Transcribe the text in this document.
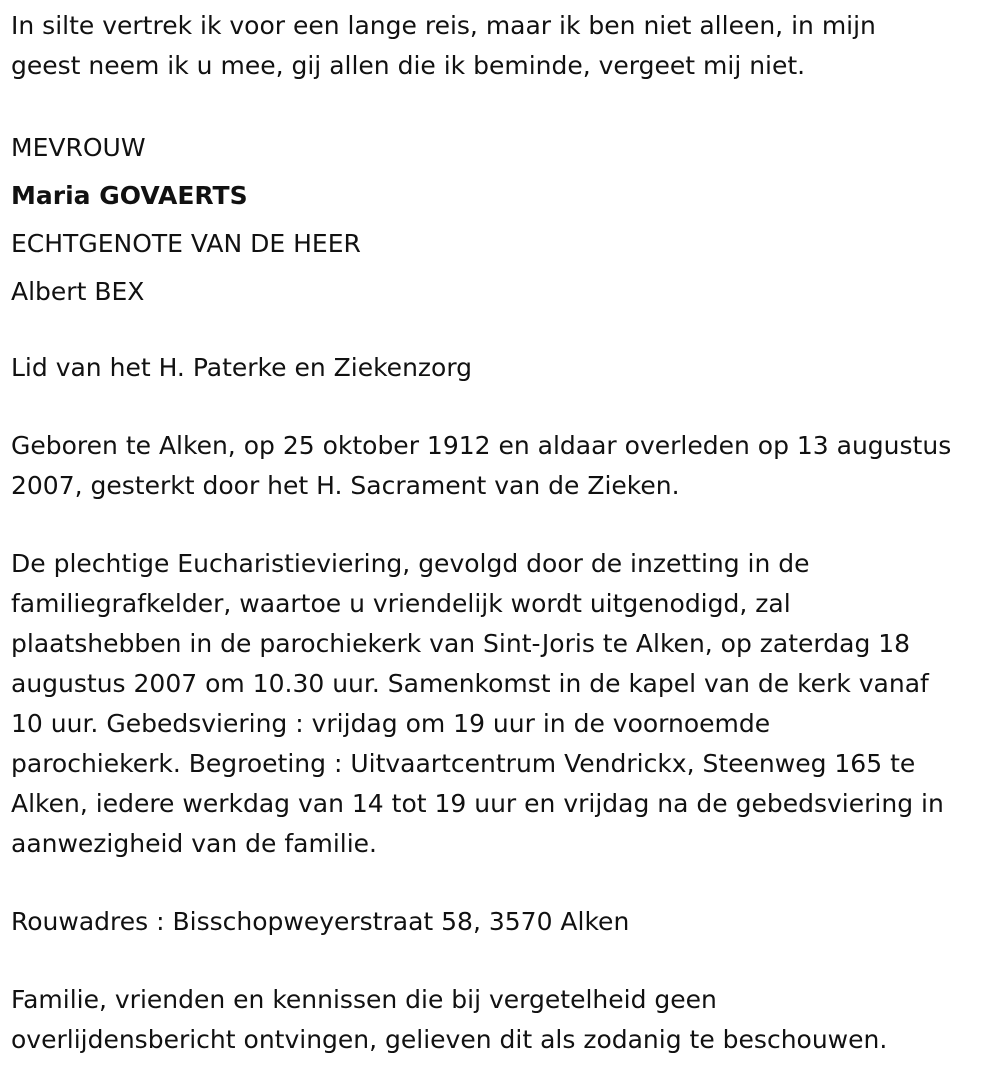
In silte vertrek ik voor een lange reis, maar ik ben niet alleen, in mijn
geest neem ik u mee, gij allen die ik beminde, vergeet mij niet.

MEVROUW

Maria GOVAERTS

ECHTGENOTE VAN DE HEER

Albert BEX

Lid van het H. Paterke en Ziekenzorg

Geboren te Alken, op 25 oktober 1912 en aldaar overleden op 13 augustus
2007, gesterkt door het H. Sacrament van de Zieken.

De plechtige Eucharistieviering, gevolgd door de inzetting in de
familiegrafkelder, waartoe u vriendelijk wordt uitgenodigd, zal
plaatshebben in de parochiekerk van Sint-Joris te Alken, op zaterdag 18
augustus 2007 om 10.30 uur. Samenkomst in de kapel van de kerk vanaf
10 uur. Gebedsviering : vrijdag om 19 uur in de voornoemde
parochiekerk. Begroeting : Uitvaartcentrum Vendrickx, Steenweg 165 te
Alken, iedere werkdag van 14 tot 19 uur en vrijdag na de gebedsviering in
aanwezigheid van de familie.

Rouwadres : Bisschopweyerstraat 58, 3570 Alken

Familie, vrienden en kennissen die bij vergetelheid geen
overlijdensbericht ontvingen, gelieven dit als zodanig te beschouwen.
